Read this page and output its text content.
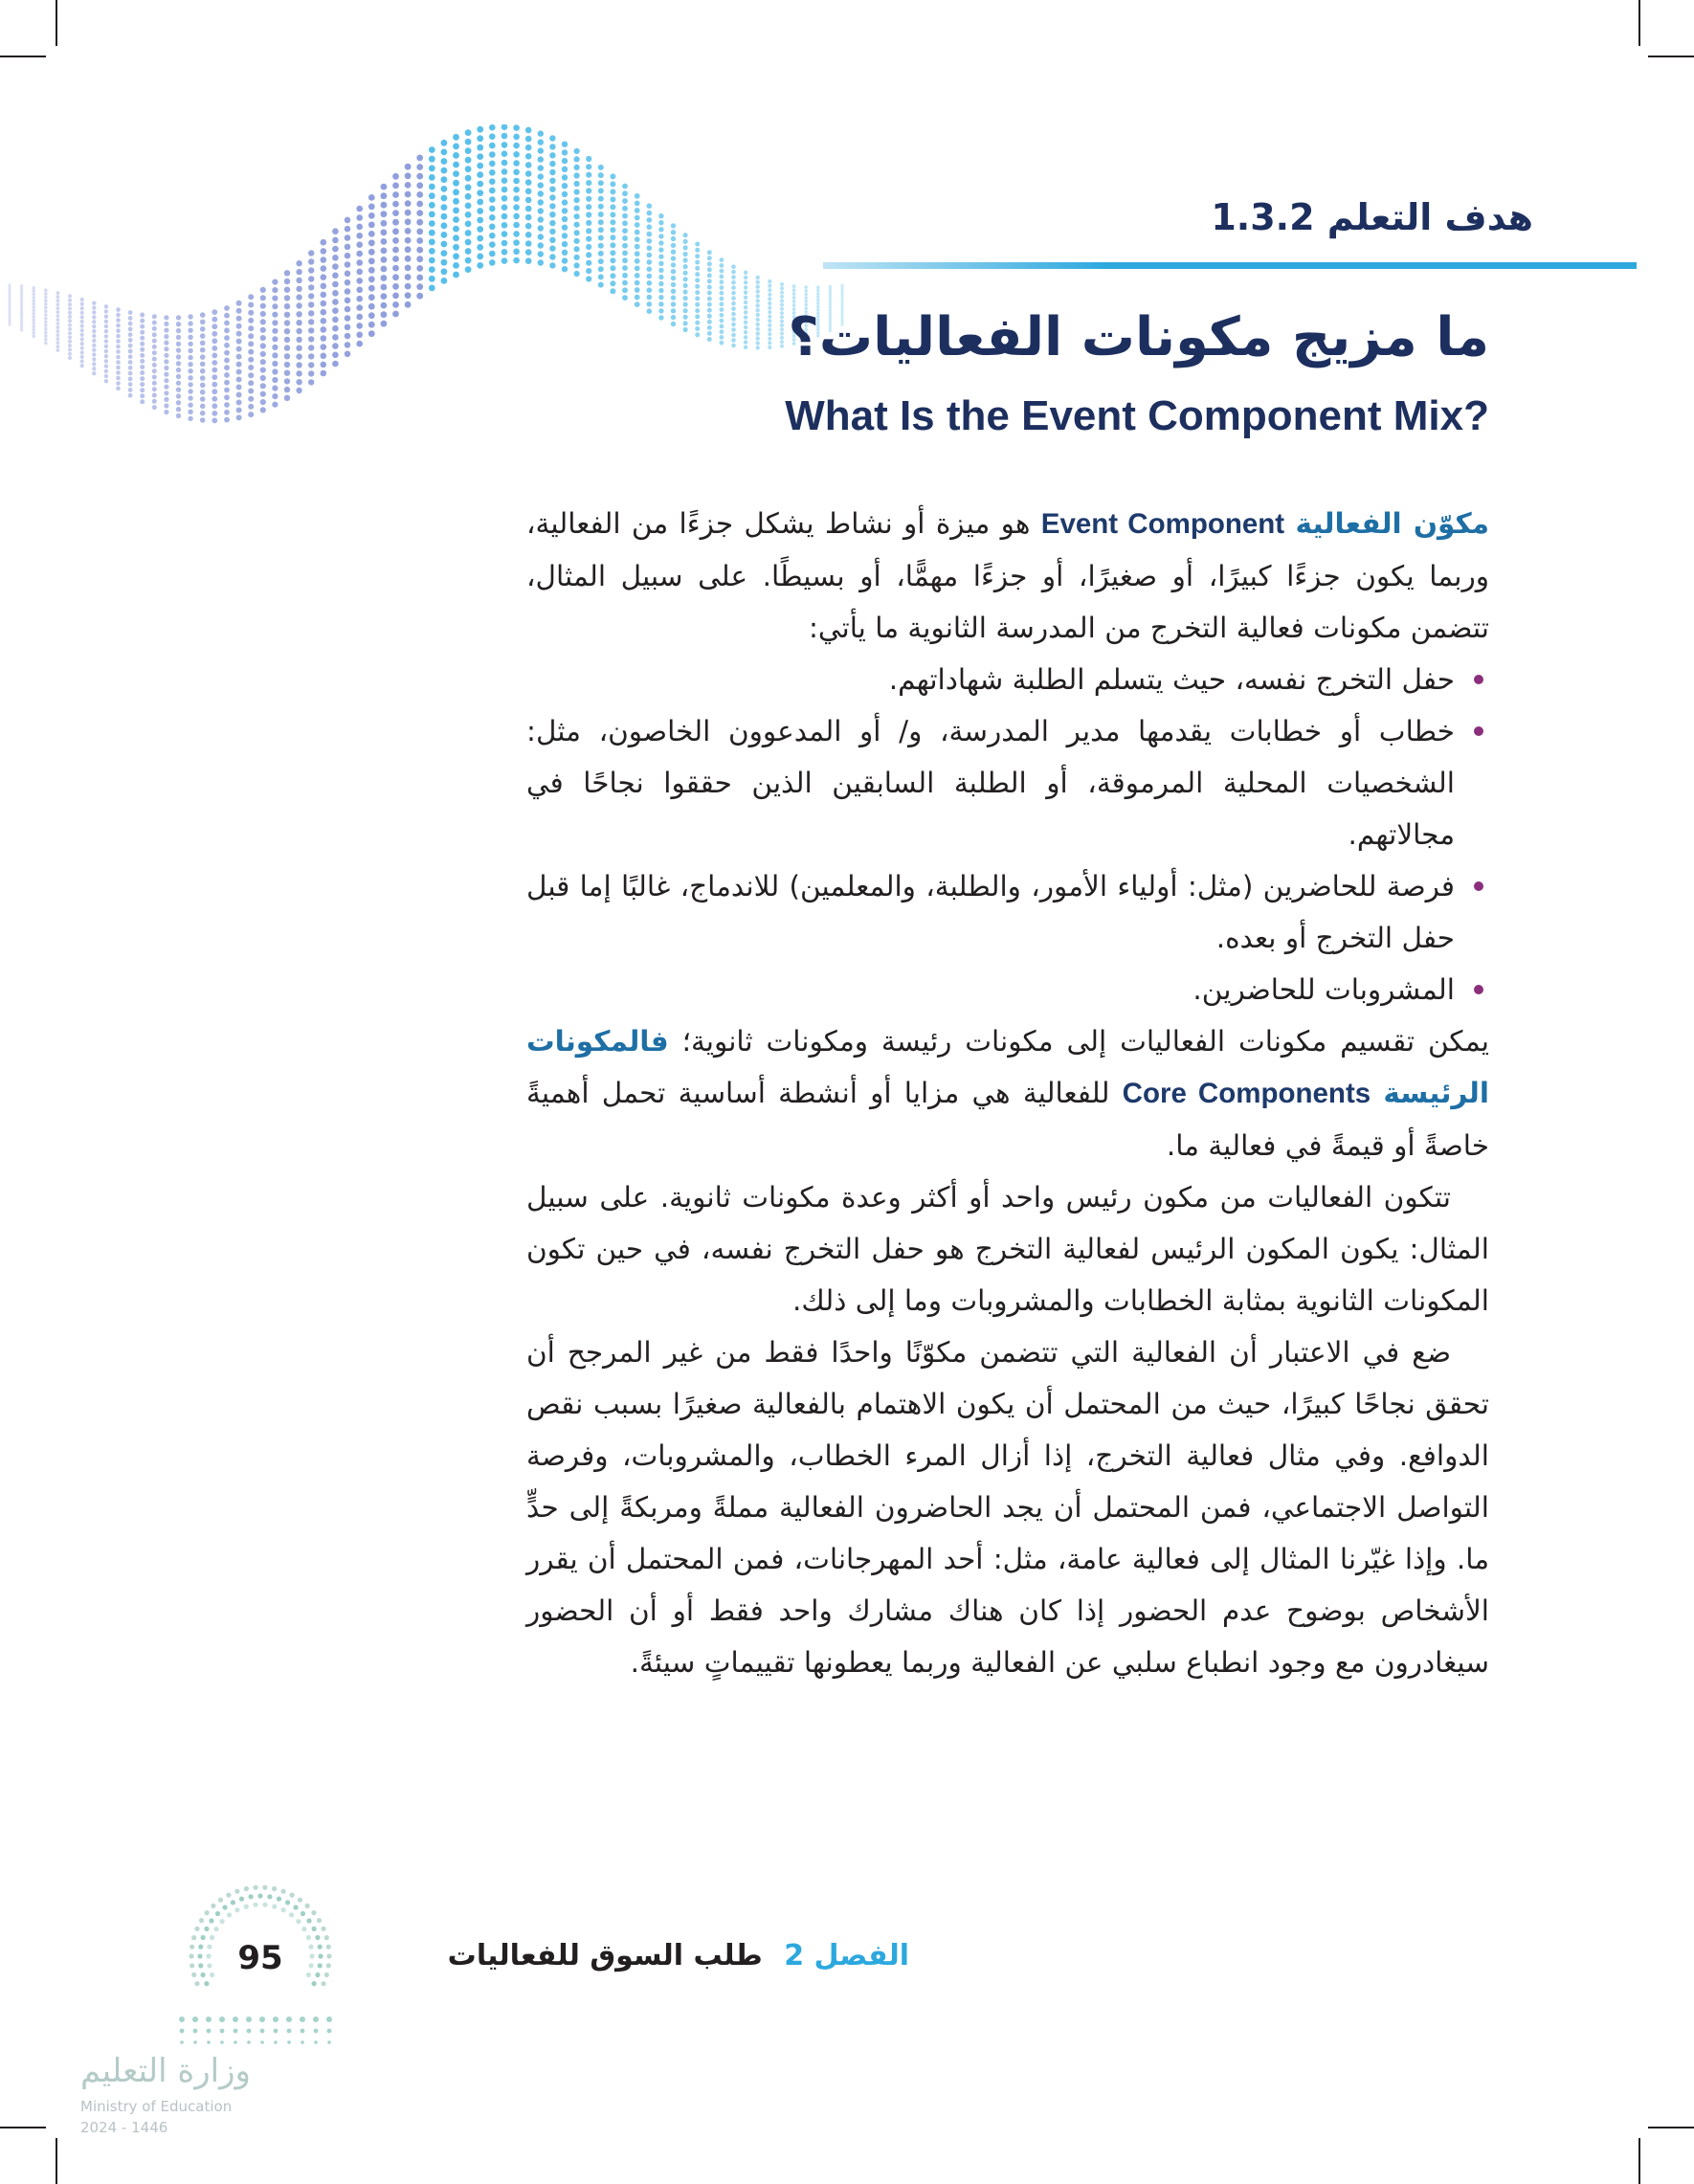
هدف التعلم 1.3.2
ما مزيج مكونات الفعاليات؟
What Is the Event Component Mix?

مكوّن الفعالية Event Component هو ميزة أو نشاط يشكل جزءًا من الفعالية، وربما يكون جزءًا كبيرًا، أو صغيرًا، أو جزءًا مهمًّا، أو بسيطًا. على سبيل المثال، تتضمن مكونات فعالية التخرج من المدرسة الثانوية ما يأتي:

حفل التخرج نفسه، حيث يتسلم الطلبة شهاداتهم.
خطاب أو خطابات يقدمها مدير المدرسة، و/ أو المدعوون الخاصون، مثل: الشخصيات المحلية المرموقة، أو الطلبة السابقين الذين حققوا نجاحًا في مجالاتهم.
فرصة للحاضرين (مثل: أولياء الأمور، والطلبة، والمعلمين) للاندماج، غالبًا إما قبل حفل التخرج أو بعده.
المشروبات للحاضرين.

يمكن تقسيم مكونات الفعاليات إلى مكونات رئيسة ومكونات ثانوية؛ فالمكونات الرئيسة Core Components للفعالية هي مزايا أو أنشطة أساسية تحمل أهميةً خاصةً أو قيمةً في فعالية ما.

تتكون الفعاليات من مكون رئيس واحد أو أكثر وعدة مكونات ثانوية. على سبيل المثال: يكون المكون الرئيس لفعالية التخرج هو حفل التخرج نفسه، في حين تكون المكونات الثانوية بمثابة الخطابات والمشروبات وما إلى ذلك.

ضع في الاعتبار أن الفعالية التي تتضمن مكوّنًا واحدًا فقط من غير المرجح أن تحقق نجاحًا كبيرًا، حيث من المحتمل أن يكون الاهتمام بالفعالية صغيرًا بسبب نقص الدوافع. وفي مثال فعالية التخرج، إذا أزال المرء الخطاب، والمشروبات، وفرصة التواصل الاجتماعي، فمن المحتمل أن يجد الحاضرون الفعالية مملةً ومربكةً إلى حدٍّ ما. وإذا غيّرنا المثال إلى فعالية عامة، مثل: أحد المهرجانات، فمن المحتمل أن يقرر الأشخاص بوضوح عدم الحضور إذا كان هناك مشارك واحد فقط أو أن الحضور سيغادرون مع وجود انطباع سلبي عن الفعالية وربما يعطونها تقييماتٍ سيئةً.

95	الفصل 2 طلب السوق للفعاليات
وزارة التعليم
Ministry of Education
2024 - 1446
